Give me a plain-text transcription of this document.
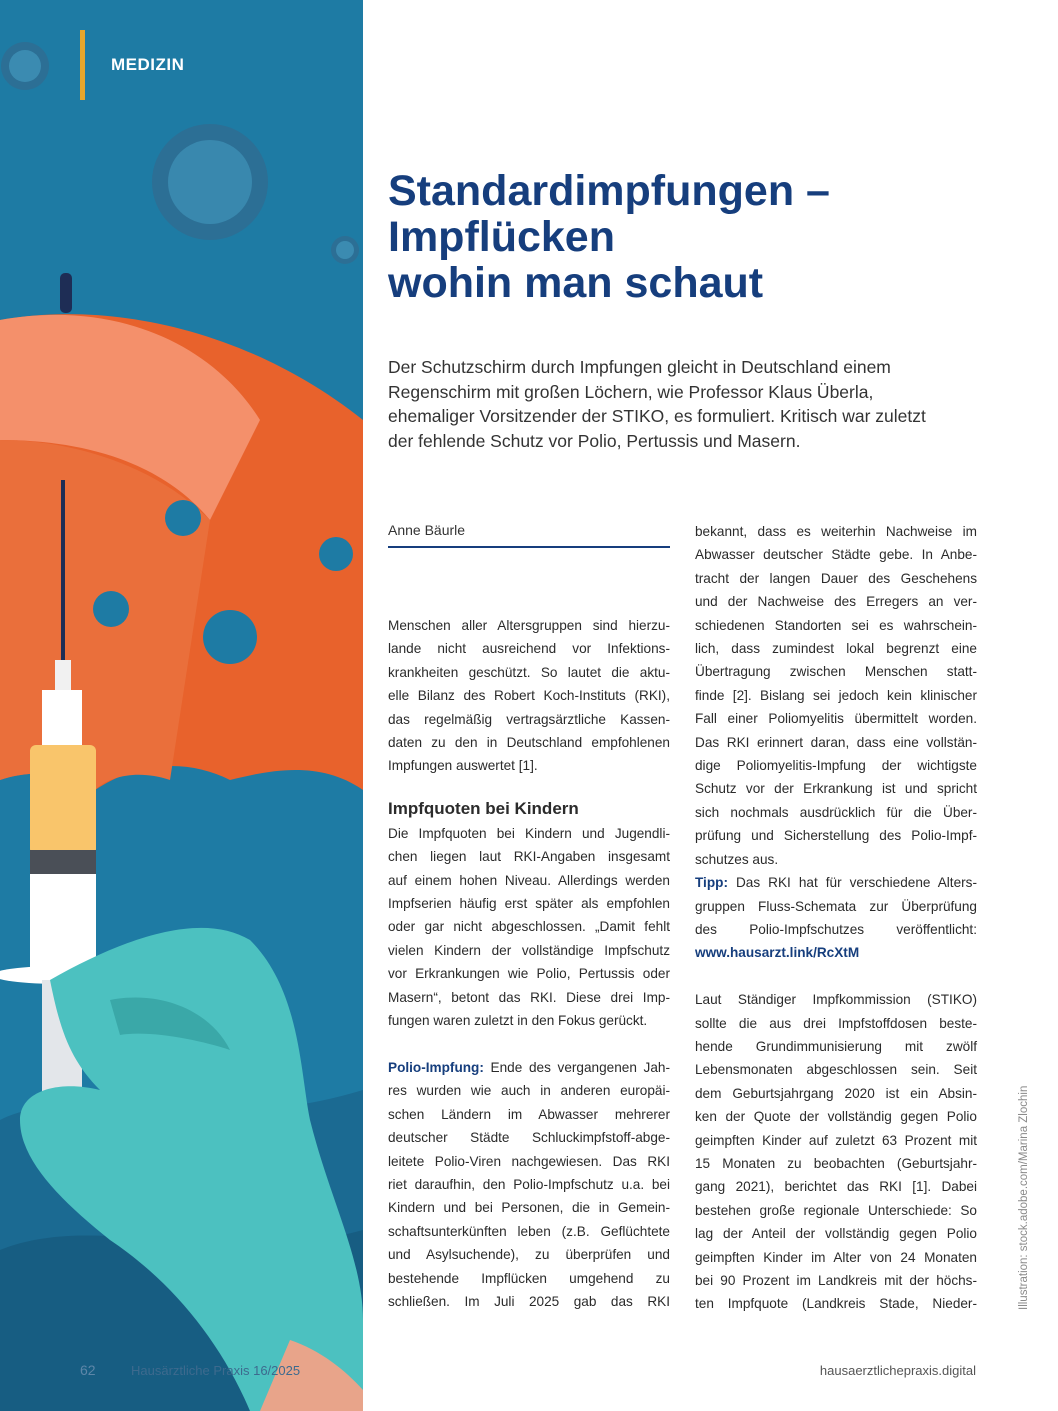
MEDIZIN
Standardimpfungen –
Impflücken
wohin man schaut

Der Schutzschirm durch Impfungen gleicht in Deutschland einem
Regenschirm mit großen Löchern, wie Professor Klaus Überla,
ehemaliger Vorsitzender der STIKO, es formuliert. Kritisch war zuletzt
der fehlende Schutz vor Polio, Pertussis und Masern.

Anne Bäurle
Menschen aller Altersgruppen sind hierzu-
lande nicht ausreichend vor Infektions-
krankheiten geschützt. So lautet die aktu-
elle Bilanz des Robert Koch-Instituts (RKI),
das regelmäßig vertragsärztliche Kassen-
daten zu den in Deutschland empfohlenen
Impfungen auswertet [1].
Impfquoten bei Kindern
Die Impfquoten bei Kindern und Jugendli-
chen liegen laut RKI-Angaben insgesamt
auf einem hohen Niveau. Allerdings werden
Impfserien häufig erst später als empfohlen
oder gar nicht abgeschlossen. „Damit fehlt
vielen Kindern der vollständige Impfschutz
vor Erkrankungen wie Polio, Pertussis oder
Masern“, betont das RKI. Diese drei Imp-
fungen waren zuletzt in den Fokus gerückt.
Polio-Impfung: Ende des vergangenen Jah-
res wurden wie auch in anderen europäi-
schen Ländern im Abwasser mehrerer
deutscher Städte Schluckimpfstoff-abge-
leitete Polio-Viren nachgewiesen. Das RKI
riet daraufhin, den Polio-Impfschutz u.a. bei
Kindern und bei Personen, die in Gemein-
schaftsunterkünften leben (z.B. Geflüchtete
und Asylsuchende), zu überprüfen und
bestehende Impflücken umgehend zu
schließen. Im Juli 2025 gab das RKI
bekannt, dass es weiterhin Nachweise im
Abwasser deutscher Städte gebe. In Anbe-
tracht der langen Dauer des Geschehens
und der Nachweise des Erregers an ver-
schiedenen Standorten sei es wahrschein-
lich, dass zumindest lokal begrenzt eine
Übertragung zwischen Menschen statt-
finde [2]. Bislang sei jedoch kein klinischer
Fall einer Poliomyelitis übermittelt worden.
Das RKI erinnert daran, dass eine vollstän-
dige Poliomyelitis-Impfung der wichtigste
Schutz vor der Erkrankung ist und spricht
sich nochmals ausdrücklich für die Über-
prüfung und Sicherstellung des Polio-Impf-
schutzes aus.
Tipp: Das RKI hat für verschiedene Alters-
gruppen Fluss-Schemata zur Überprüfung
des Polio-Impfschutzes veröffentlicht:
www.hausarzt.link/RcXtM
Laut Ständiger Impfkommission (STIKO)
sollte die aus drei Impfstoffdosen beste-
hende Grundimmunisierung mit zwölf
Lebensmonaten abgeschlossen sein. Seit
dem Geburtsjahrgang 2020 ist ein Absin-
ken der Quote der vollständig gegen Polio
geimpften Kinder auf zuletzt 63 Prozent mit
15 Monaten zu beobachten (Geburtsjahr-
gang 2021), berichtet das RKI [1]. Dabei
bestehen große regionale Unterschiede: So
lag der Anteil der vollständig gegen Polio
geimpften Kinder im Alter von 24 Monaten
bei 90 Prozent im Landkreis mit der höchs-
ten Impfquote (Landkreis Stade, Nieder-	Illustration: stock.adobe.com/Marina Zlochin
62	Hausärztliche Praxis 16/2025	hausaerztlichepraxis.digital
